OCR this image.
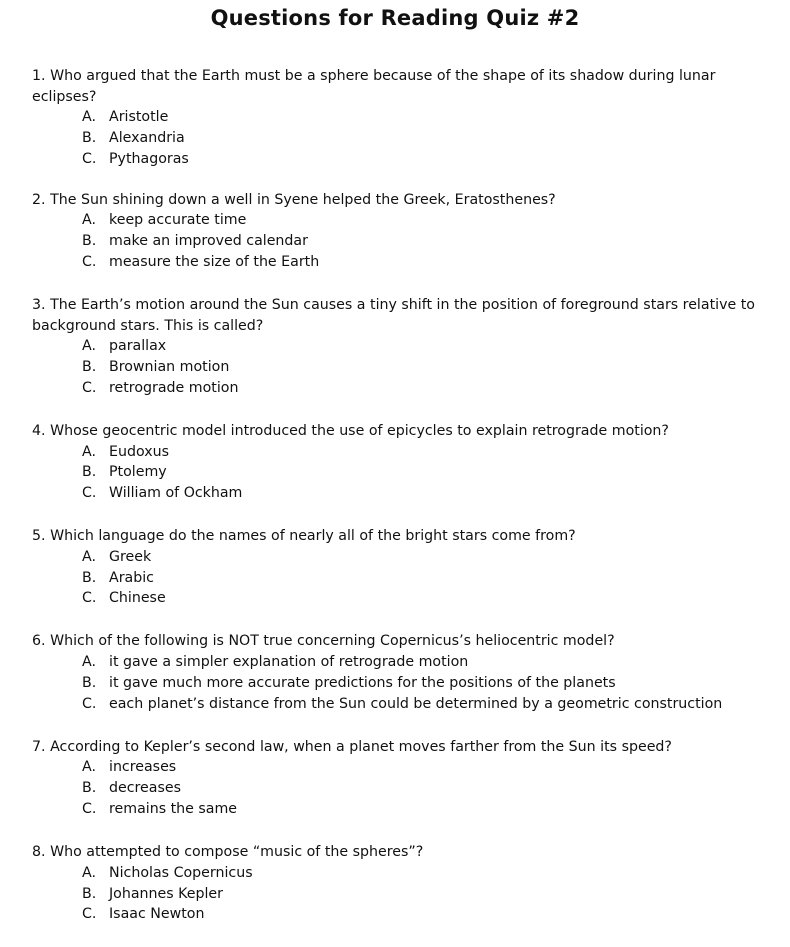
Questions for Reading Quiz #2
1. Who argued that the Earth must be a sphere because of the shape of its shadow during lunar eclipses?
A. Aristotle
B. Alexandria
C. Pythagoras
2. The Sun shining down a well in Syene helped the Greek, Eratosthenes?
A. keep accurate time
B. make an improved calendar
C. measure the size of the Earth
3. The Earth’s motion around the Sun causes a tiny shift in the position of foreground stars relative to background stars. This is called?
A. parallax
B. Brownian motion
C. retrograde motion
4. Whose geocentric model introduced the use of epicycles to explain retrograde motion?
A. Eudoxus
B. Ptolemy
C. William of Ockham
5. Which language do the names of nearly all of the bright stars come from?
A. Greek
B. Arabic
C. Chinese
6. Which of the following is NOT true concerning Copernicus’s heliocentric model?
A. it gave a simpler explanation of retrograde motion
B. it gave much more accurate predictions for the positions of the planets
C. each planet’s distance from the Sun could be determined by a geometric construction
7. According to Kepler’s second law, when a planet moves farther from the Sun its speed?
A. increases
B. decreases
C. remains the same
8. Who attempted to compose “music of the spheres”?
A. Nicholas Copernicus
B. Johannes Kepler
C. Isaac Newton
